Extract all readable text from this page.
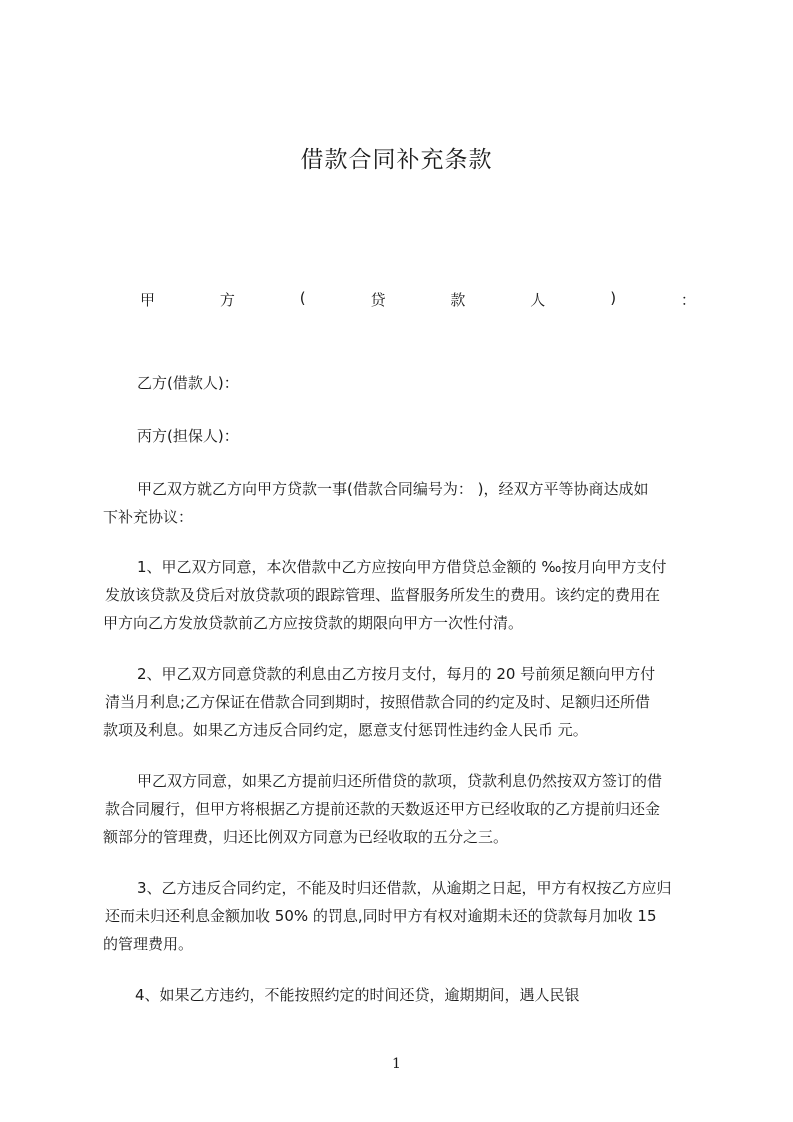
借款合同补充条款
甲	方	(	贷	款	人	)	：
乙方(借款人)：
丙方(担保人)：
甲乙双方就乙方向甲方贷款一事(借款合同编号为： )，经双方平等协商达成如
下补充协议：
1、甲乙双方同意，本次借款中乙方应按向甲方借贷总金额的 ‰按月向甲方支付
发放该贷款及贷后对放贷款项的跟踪管理、监督服务所发生的费用。该约定的费用在
甲方向乙方发放贷款前乙方应按贷款的期限向甲方一次性付清。
2、甲乙双方同意贷款的利息由乙方按月支付，每月的 20 号前须足额向甲方付
清当月利息;乙方保证在借款合同到期时，按照借款合同的约定及时、足额归还所借
款项及利息。如果乙方违反合同约定，愿意支付惩罚性违约金人民币 元。
甲乙双方同意，如果乙方提前归还所借贷的款项，贷款利息仍然按双方签订的借
款合同履行，但甲方将根据乙方提前还款的天数返还甲方已经收取的乙方提前归还金
额部分的管理费，归还比例双方同意为已经收取的五分之三。
3、乙方违反合同约定，不能及时归还借款，从逾期之日起，甲方有权按乙方应归
还而未归还利息金额加收 50% 的罚息,同时甲方有权对逾期未还的贷款每月加收 15
的管理费用。
4、如果乙方违约，不能按照约定的时间还贷，逾期期间，遇人民银
1
